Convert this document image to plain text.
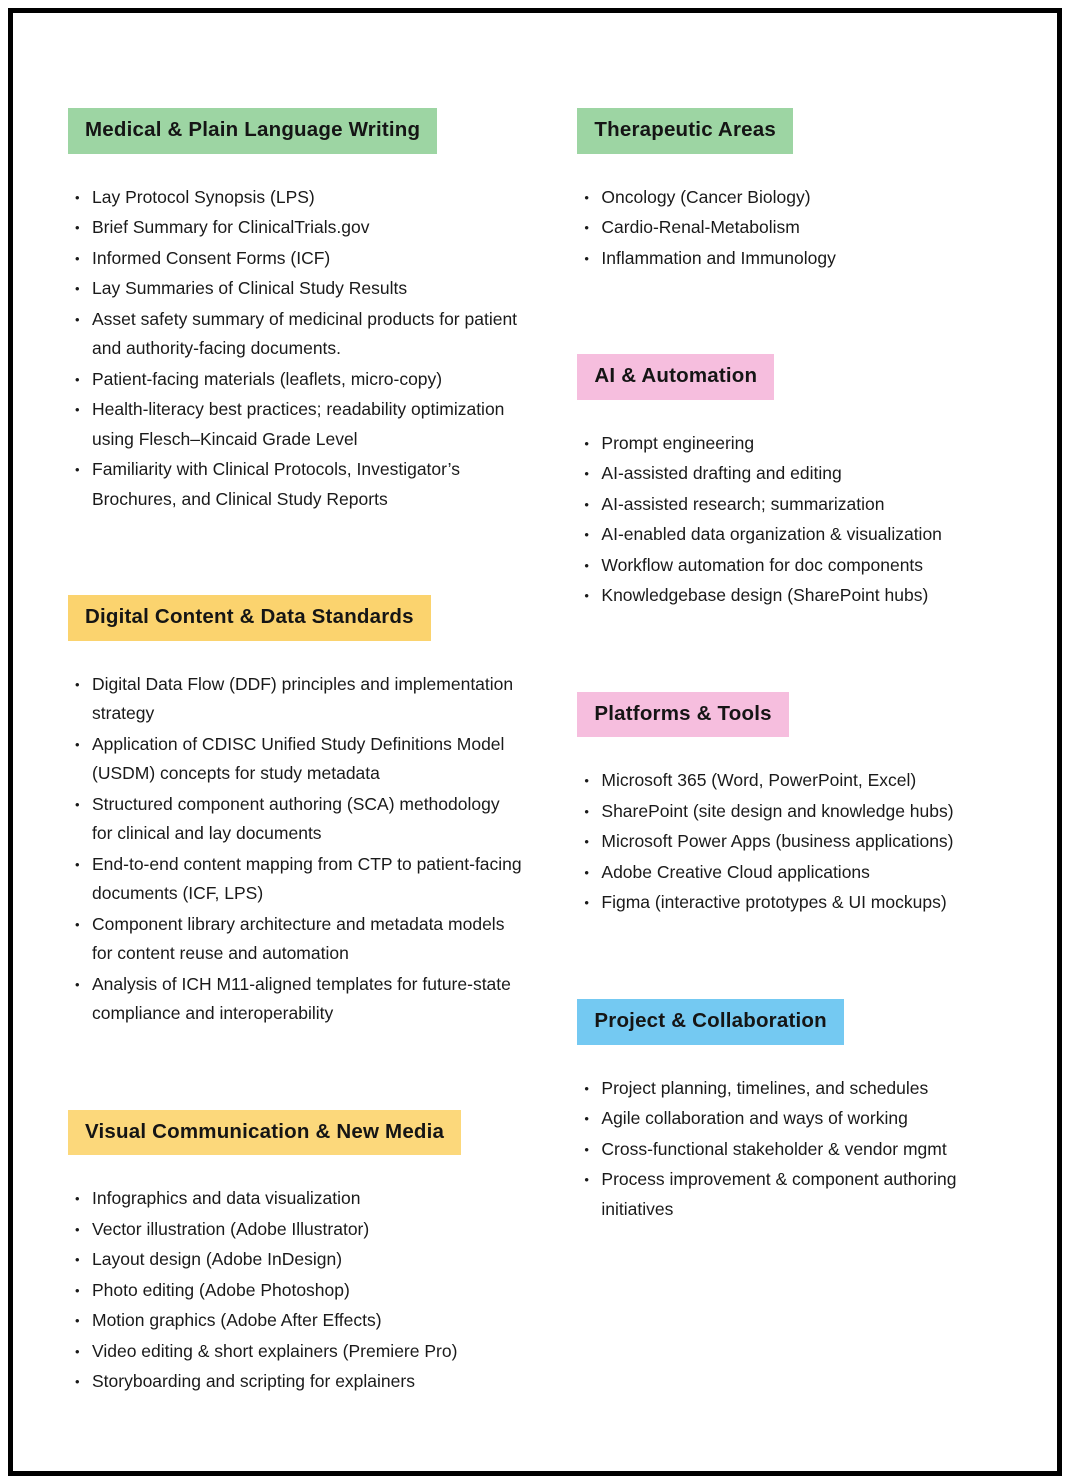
Medical & Plain Language Writing
• Lay Protocol Synopsis (LPS)
• Brief Summary for ClinicalTrials.gov
• Informed Consent Forms (ICF)
• Lay Summaries of Clinical Study Results
• Asset safety summary of medicinal products for patient and authority-facing documents.
• Patient-facing materials (leaflets, micro-copy)
• Health-literacy best practices; readability optimization using Flesch–Kincaid Grade Level
• Familiarity with Clinical Protocols, Investigator’s Brochures, and Clinical Study Reports
Digital Content & Data Standards
• Digital Data Flow (DDF) principles and implementation strategy
• Application of CDISC Unified Study Definitions Model (USDM) concepts for study metadata
• Structured component authoring (SCA) methodology for clinical and lay documents
• End-to-end content mapping from CTP to patient-facing documents (ICF, LPS)
• Component library architecture and metadata models for content reuse and automation
• Analysis of ICH M11-aligned templates for future-state compliance and interoperability
Visual Communication & New Media
• Infographics and data visualization
• Vector illustration (Adobe Illustrator)
• Layout design (Adobe InDesign)
• Photo editing (Adobe Photoshop)
• Motion graphics (Adobe After Effects)
• Video editing & short explainers (Premiere Pro)
• Storyboarding and scripting for explainers
Therapeutic Areas
• Oncology (Cancer Biology)
• Cardio-Renal-Metabolism
• Inflammation and Immunology
AI & Automation
• Prompt engineering
• AI-assisted drafting and editing
• AI-assisted research; summarization
• AI-enabled data organization & visualization
• Workflow automation for doc components
• Knowledgebase design (SharePoint hubs)
Platforms & Tools
• Microsoft 365 (Word, PowerPoint, Excel)
• SharePoint (site design and knowledge hubs)
• Microsoft Power Apps (business applications)
• Adobe Creative Cloud applications
• Figma (interactive prototypes & UI mockups)
Project & Collaboration
• Project planning, timelines, and schedules
• Agile collaboration and ways of working
• Cross-functional stakeholder & vendor mgmt
• Process improvement & component authoring initiatives
